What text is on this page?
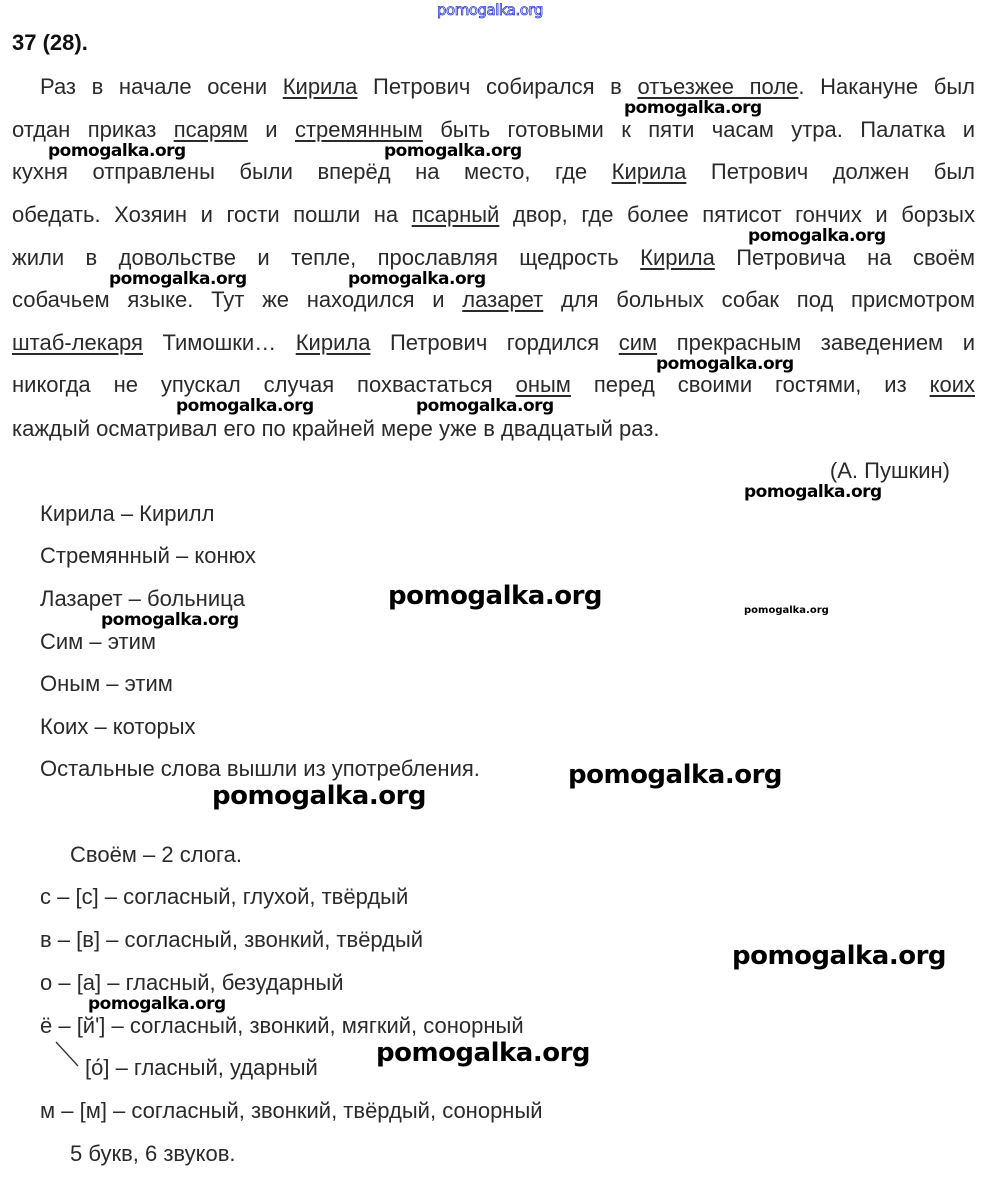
pomogalka.org
37 (28).
Раз в начале осени Кирила Петрович собирался в отъезжее поле. Накануне был
отдан приказ псарям и стремянным быть готовыми к пяти часам утра. Палатка и
кухня отправлены были вперёд на место, где Кирила Петрович должен был
обедать. Хозяин и гости пошли на псарный двор, где более пятисот гончих и борзых
жили в довольстве и тепле, прославляя щедрость Кирила Петровича на своём
собачьем языке. Тут же находился и лазарет для больных собак под присмотром
штаб-лекаря Тимошки… Кирила Петрович гордился сим прекрасным заведением и
никогда не упускал случая похвастаться оным перед своими гостями, из коих
каждый осматривал его по крайней мере уже в двадцатый раз.
(А. Пушкин)
Кирила – Кирилл
Стремянный – конюх
Лазарет – больница
Сим – этим
Оным – этим
Коих – которых
Остальные слова вышли из употребления.
Своём – 2 слога.
с – [с] – согласный, глухой, твёрдый
в – [в] – согласный, звонкий, твёрдый
о – [а] – гласный, безударный
ё – [й'] – согласный, звонкий, мягкий, сонорный
[о́] – гласный, ударный
м – [м] – согласный, звонкий, твёрдый, сонорный
5 букв, 6 звуков.
pomogalka.org
pomogalka.org	pomogalka.org
pomogalka.org
pomogalka.org	pomogalka.org
pomogalka.org
pomogalka.org	pomogalka.org
pomogalka.org
pomogalka.org	pomogalka.org
pomogalka.org
pomogalka.org
pomogalka.org
pomogalka.org
pomogalka.org
pomogalka.org
